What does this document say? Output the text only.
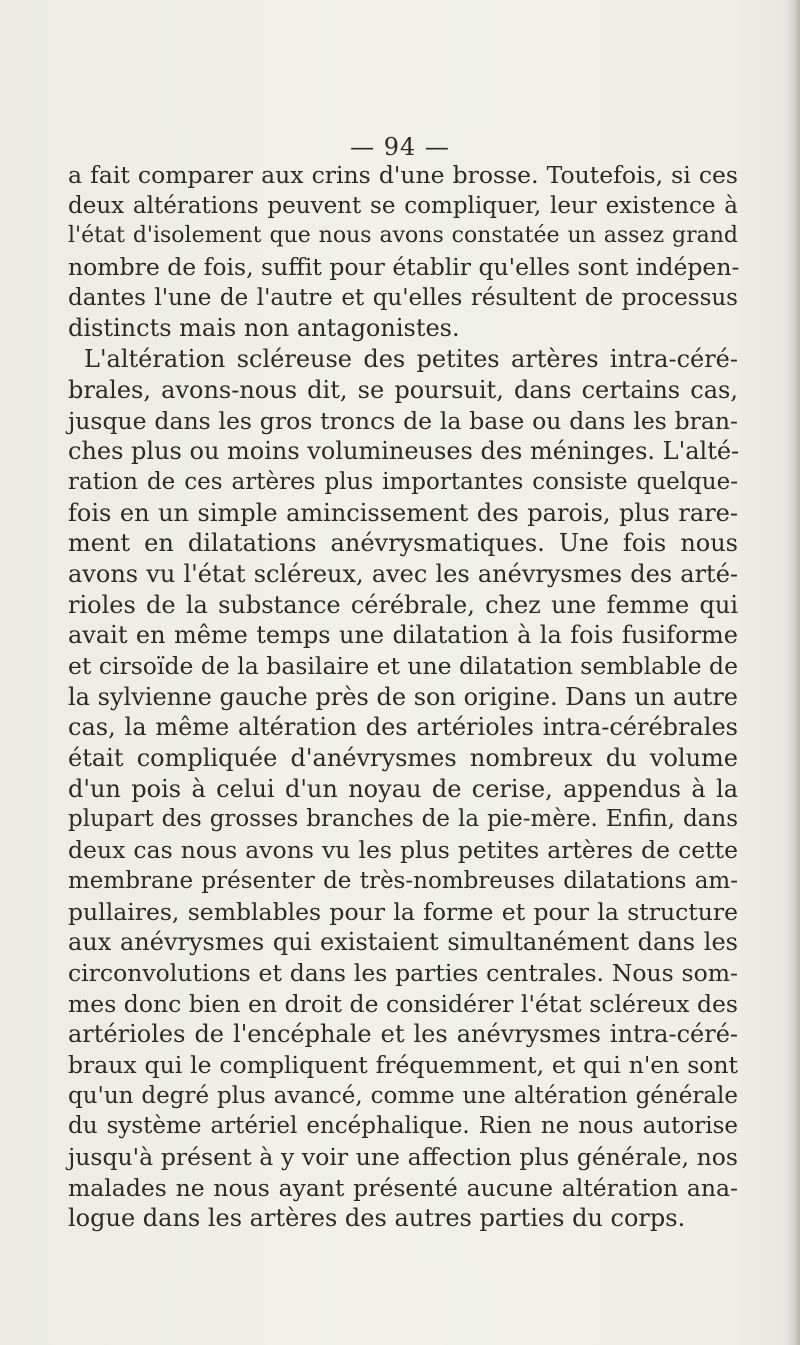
— 94 —
a fait comparer aux crins d'une brosse. Toutefois, si ces
deux altérations peuvent se compliquer, leur existence à
l'état d'isolement que nous avons constatée un assez grand
nombre de fois, suffit pour établir qu'elles sont indépen-
dantes l'une de l'autre et qu'elles résultent de processus
distincts mais non antagonistes.
L'altération scléreuse des petites artères intra-céré-
brales, avons-nous dit, se poursuit, dans certains cas,
jusque dans les gros troncs de la base ou dans les bran-
ches plus ou moins volumineuses des méninges. L'alté-
ration de ces artères plus importantes consiste quelque-
fois en un simple amincissement des parois, plus rare-
ment en dilatations anévrysmatiques. Une fois nous
avons vu l'état scléreux, avec les anévrysmes des arté-
rioles de la substance cérébrale, chez une femme qui
avait en même temps une dilatation à la fois fusiforme
et cirsoïde de la basilaire et une dilatation semblable de
la sylvienne gauche près de son origine. Dans un autre
cas, la même altération des artérioles intra-cérébrales
était compliquée d'anévrysmes nombreux du volume
d'un pois à celui d'un noyau de cerise, appendus à la
plupart des grosses branches de la pie-mère. Enfin, dans
deux cas nous avons vu les plus petites artères de cette
membrane présenter de très-nombreuses dilatations am-
pullaires, semblables pour la forme et pour la structure
aux anévrysmes qui existaient simultanément dans les
circonvolutions et dans les parties centrales. Nous som-
mes donc bien en droit de considérer l'état scléreux des
artérioles de l'encéphale et les anévrysmes intra-céré-
braux qui le compliquent fréquemment, et qui n'en sont
qu'un degré plus avancé, comme une altération générale
du système artériel encéphalique. Rien ne nous autorise
jusqu'à présent à y voir une affection plus générale, nos
malades ne nous ayant présenté aucune altération ana-
logue dans les artères des autres parties du corps.
